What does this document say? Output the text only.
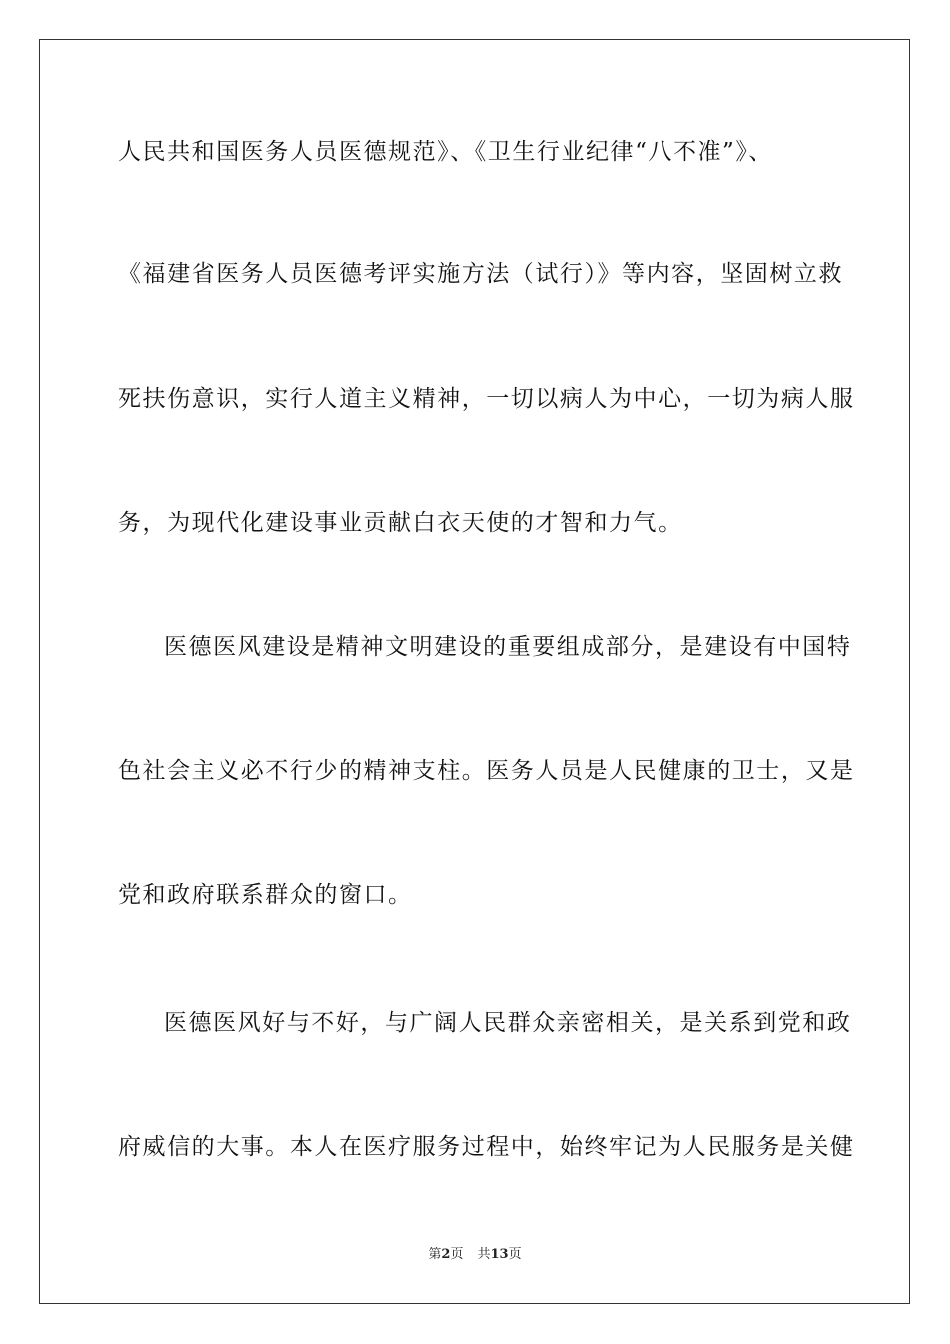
人民共和国医务人员医德规范》、《卫生行业纪律“八不准”》、
《福建省医务人员医德考评实施方法（试行）》等内容，坚固树立救
死扶伤意识，实行人道主义精神，一切以病人为中心，一切为病人服
务，为现代化建设事业贡献白衣天使的才智和力气。
医德医风建设是精神文明建设的重要组成部分，是建设有中国特
色社会主义必不行少的精神支柱。医务人员是人民健康的卫士，又是
党和政府联系群众的窗口。
医德医风好与不好，与广阔人民群众亲密相关，是关系到党和政
府威信的大事。本人在医疗服务过程中，始终牢记为人民服务是关健
第2页 共13页
